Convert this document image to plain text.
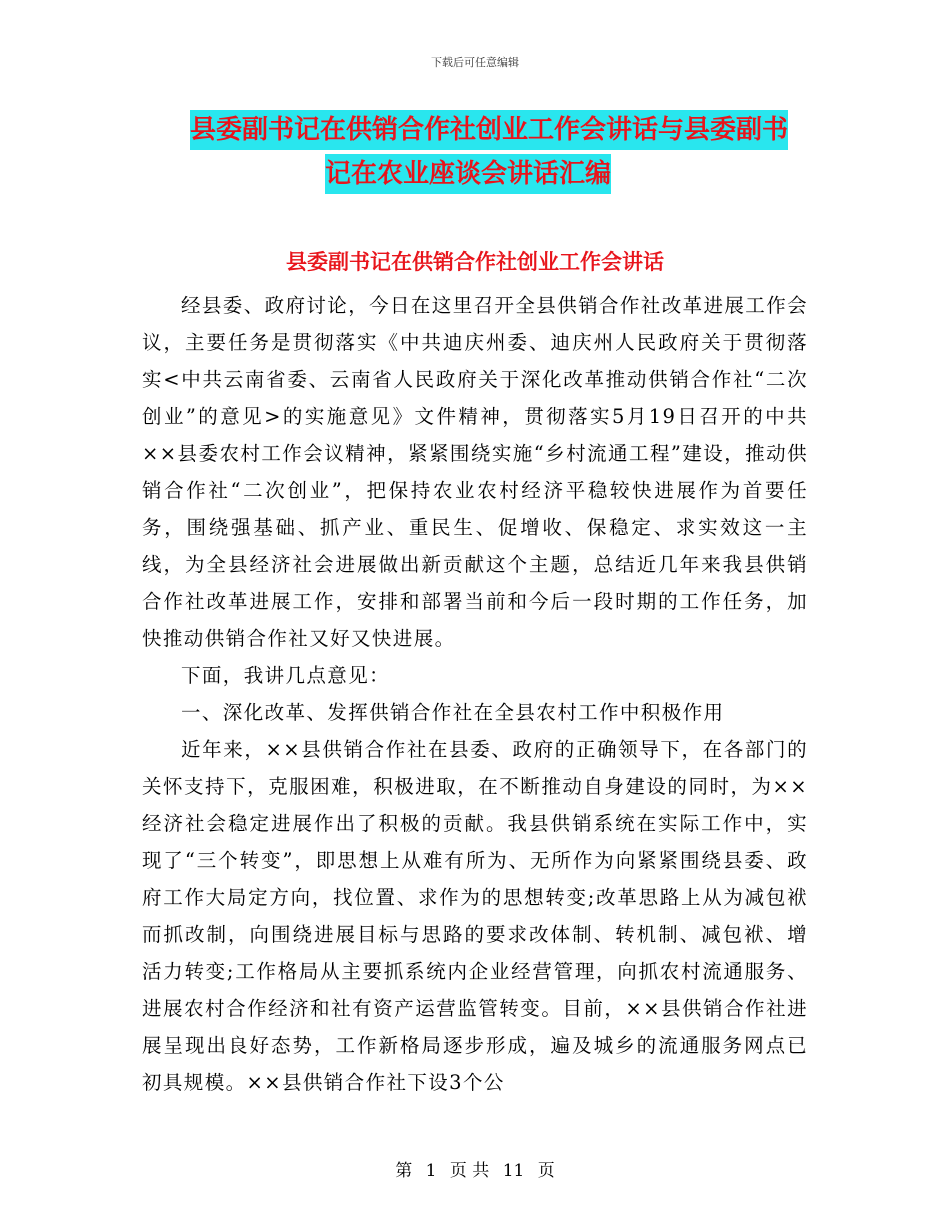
下载后可任意编辑
县委副书记在供销合作社创业工作会讲话与县委副书
记在农业座谈会讲话汇编
县委副书记在供销合作社创业工作会讲话

经县委、政府讨论，今日在这里召开全县供销合作社改革进展工作会议，主要任务是贯彻落实《中共迪庆州委、迪庆州人民政府关于贯彻落实<中共云南省委、云南省人民政府关于深化改革推动供销合作社“二次创业”的意见>的实施意见》文件精神，贯彻落实5月19日召开的中共××县委农村工作会议精神，紧紧围绕实施“乡村流通工程”建设，推动供销合作社“二次创业”，把保持农业农村经济平稳较快进展作为首要任务，围绕强基础、抓产业、重民生、促增收、保稳定、求实效这一主线，为全县经济社会进展做出新贡献这个主题，总结近几年来我县供销合作社改革进展工作，安排和部署当前和今后一段时期的工作任务，加快推动供销合作社又好又快进展。

下面，我讲几点意见：

一、深化改革、发挥供销合作社在全县农村工作中积极作用

近年来，××县供销合作社在县委、政府的正确领导下，在各部门的关怀支持下，克服困难，积极进取，在不断推动自身建设的同时，为××经济社会稳定进展作出了积极的贡献。我县供销系统在实际工作中，实现了“三个转变”，即思想上从难有所为、无所作为向紧紧围绕县委、政府工作大局定方向，找位置、求作为的思想转变;改革思路上从为减包袱而抓改制，向围绕进展目标与思路的要求改体制、转机制、减包袱、增活力转变;工作格局从主要抓系统内企业经营管理，向抓农村流通服务、进展农村合作经济和社有资产运营监管转变。目前，××县供销合作社进展呈现出良好态势，工作新格局逐步形成，遍及城乡的流通服务网点已初具规模。××县供销合作社下设3个公

第 1 页 共 11 页
